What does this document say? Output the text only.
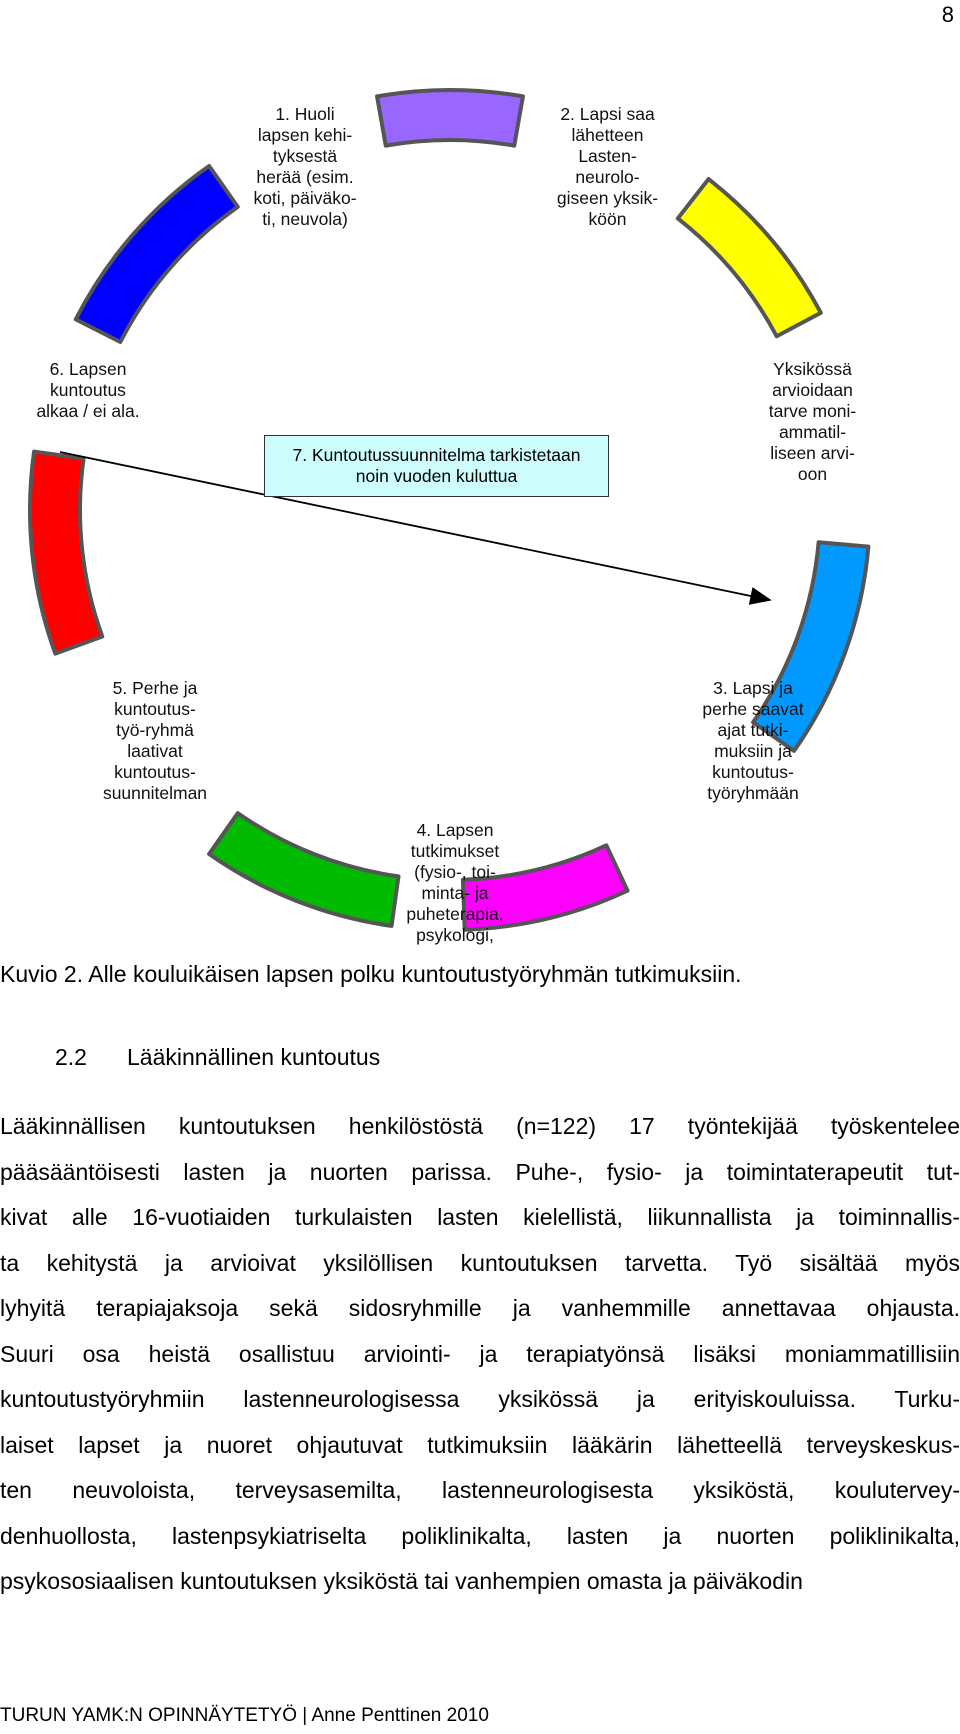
8
1. Huoli
lapsen kehi-
tyksestä
herää (esim.
koti, päiväko-
ti, neuvola)
2. Lapsi saa
lähetteen
Lasten-
neurolo-
giseen yksik-
köön
Yksikössä
arvioidaan
tarve moni-
ammatil-
liseen arvi-
oon
3. Lapsi ja
perhe saavat
ajat tutki-
muksiin ja
kuntoutus-
työryhmään
4. Lapsen
tutkimukset
(fysio-, toi-
minta- ja
puheterapia,
psykologi,
5. Perhe ja
kuntoutus-
työ-ryhmä
laativat
kuntoutus-
suunnitelman
6. Lapsen
kuntoutus
alkaa / ei ala.
7. Kuntoutussuunnitelma tarkistetaan
noin vuoden kuluttua
Kuvio 2. Alle kouluikäisen lapsen polku kuntoutustyöryhmän tutkimuksiin.
2.2 Lääkinnällinen kuntoutus
Lääkinnällisen kuntoutuksen henkilöstöstä (n=122) 17 työntekijää työskentelee
pääsääntöisesti lasten ja nuorten parissa. Puhe-, fysio- ja toimintaterapeutit tut-
kivat alle 16-vuotiaiden turkulaisten lasten kielellistä, liikunnallista ja toiminnallis-
ta kehitystä ja arvioivat yksilöllisen kuntoutuksen tarvetta. Työ sisältää myös
lyhyitä terapiajaksoja sekä sidosryhmille ja vanhemmille annettavaa ohjausta.
Suuri osa heistä osallistuu arviointi- ja terapiatyönsä lisäksi moniammatillisiin
kuntoutustyöryhmiin lastenneurologisessa yksikössä ja erityiskouluissa. Turku-
laiset lapset ja nuoret ohjautuvat tutkimuksiin lääkärin lähetteellä terveyskeskus-
ten neuvoloista, terveysasemilta, lastenneurologisesta yksiköstä, koulutervey-
denhuollosta, lastenpsykiatriselta poliklinikalta, lasten ja nuorten poliklinikalta,
psykososiaalisen kuntoutuksen yksiköstä tai vanhempien omasta ja päiväkodin
TURUN YAMK:N OPINNÄYTETYÖ | Anne Penttinen 2010
